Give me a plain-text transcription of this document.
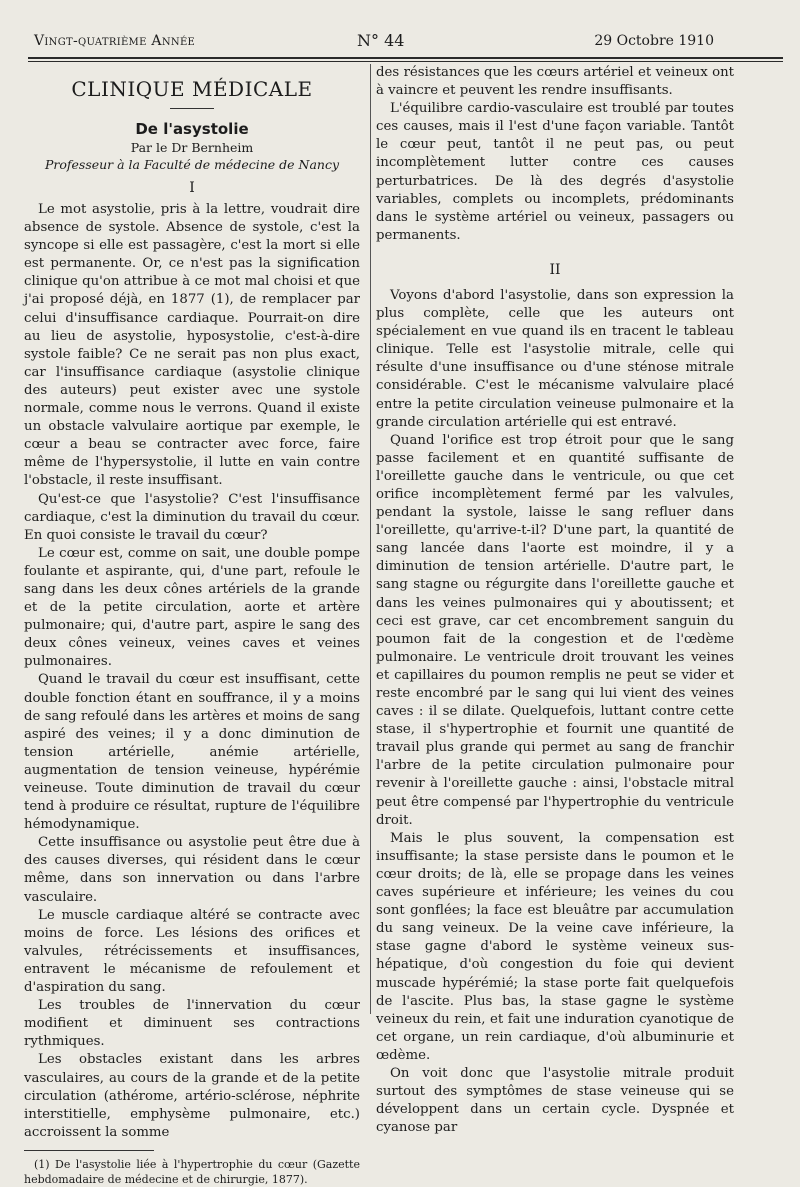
Vingt-quatrième Année	N° 44	29 Octobre 1910
CLINIQUE MÉDICALE
De l'asystolie
Par le Dr Bernheim
Professeur à la Faculté de médecine de Nancy
I

Le mot asystolie, pris à la lettre, voudrait dire absence de systole. Absence de systole, c'est la syncope si elle est passagère, c'est la mort si elle est permanente. Or, ce n'est pas la signification clinique qu'on attribue à ce mot mal choisi et que j'ai proposé déjà, en 1877 (1), de remplacer par celui d'insuffisance cardiaque. Pourrait-on dire au lieu de asystolie, hyposystolie, c'est-à-dire systole faible? Ce ne serait pas non plus exact, car l'insuffisance cardiaque (asystolie clinique des auteurs) peut exister avec une systole normale, comme nous le verrons. Quand il existe un obstacle valvulaire aortique par exemple, le cœur a beau se contracter avec force, faire même de l'hypersystolie, il lutte en vain contre l'obstacle, il reste insuffisant.

Qu'est-ce que l'asystolie? C'est l'insuffisance cardiaque, c'est la diminution du travail du cœur. En quoi consiste le travail du cœur?

Le cœur est, comme on sait, une double pompe foulante et aspirante, qui, d'une part, refoule le sang dans les deux cônes artériels de la grande et de la petite circulation, aorte et artère pulmonaire; qui, d'autre part, aspire le sang des deux cônes veineux, veines caves et veines pulmonaires.

Quand le travail du cœur est insuffisant, cette double fonction étant en souffrance, il y a moins de sang refoulé dans les artères et moins de sang aspiré des veines; il y a donc diminution de tension artérielle, anémie artérielle, augmentation de tension veineuse, hypérémie veineuse. Toute diminution de travail du cœur tend à produire ce résultat, rupture de l'équilibre hémodynamique.

Cette insuffisance ou asystolie peut être due à des causes diverses, qui résident dans le cœur même, dans son innervation ou dans l'arbre vasculaire.

Le muscle cardiaque altéré se contracte avec moins de force. Les lésions des orifices et valvules, rétrécissements et insuffisances, entravent le mécanisme de refoulement et d'aspiration du sang.

Les troubles de l'innervation du cœur modifient et diminuent ses contractions rythmiques.

Les obstacles existant dans les arbres vasculaires, au cours de la grande et de la petite circulation (athérome, artério-sclérose, néphrite interstitielle, emphysème pulmonaire, etc.) accroissent la somme

(1) De l'asystolie liée à l'hypertrophie du cœur (Gazette hebdomadaire de médecine et de chirurgie, 1877).

des résistances que les cœurs artériel et veineux ont à vaincre et peuvent les rendre insuffisants.

L'équilibre cardio-vasculaire est troublé par toutes ces causes, mais il l'est d'une façon variable. Tantôt le cœur peut, tantôt il ne peut pas, ou peut incomplètement lutter contre ces causes perturbatrices. De là des degrés d'asystolie variables, complets ou incomplets, prédominants dans le système artériel ou veineux, passagers ou permanents.

II

Voyons d'abord l'asystolie, dans son expression la plus complète, celle que les auteurs ont spécialement en vue quand ils en tracent le tableau clinique. Telle est l'asystolie mitrale, celle qui résulte d'une insuffisance ou d'une sténose mitrale considérable. C'est le mécanisme valvulaire placé entre la petite circulation veineuse pulmonaire et la grande circulation artérielle qui est entravé.

Quand l'orifice est trop étroit pour que le sang passe facilement et en quantité suffisante de l'oreillette gauche dans le ventricule, ou que cet orifice incomplètement fermé par les valvules, pendant la systole, laisse le sang refluer dans l'oreillette, qu'arrive-t-il? D'une part, la quantité de sang lancée dans l'aorte est moindre, il y a diminution de tension artérielle. D'autre part, le sang stagne ou régurgite dans l'oreillette gauche et dans les veines pulmonaires qui y aboutissent; et ceci est grave, car cet encombrement sanguin du poumon fait de la congestion et de l'œdème pulmonaire. Le ventricule droit trouvant les veines et capillaires du poumon remplis ne peut se vider et reste encombré par le sang qui lui vient des veines caves : il se dilate. Quelquefois, luttant contre cette stase, il s'hypertrophie et fournit une quantité de travail plus grande qui permet au sang de franchir l'arbre de la petite circulation pulmonaire pour revenir à l'oreillette gauche : ainsi, l'obstacle mitral peut être compensé par l'hypertrophie du ventricule droit.

Mais le plus souvent, la compensation est insuffisante; la stase persiste dans le poumon et le cœur droits; de là, elle se propage dans les veines caves supérieure et inférieure; les veines du cou sont gonflées; la face est bleuâtre par accumulation du sang veineux. De la veine cave inférieure, la stase gagne d'abord le système veineux sus-hépatique, d'où congestion du foie qui devient muscade hypérémié; la stase porte fait quelquefois de l'ascite. Plus bas, la stase gagne le système veineux du rein, et fait une induration cyanotique de cet organe, un rein cardiaque, d'où albuminurie et œdème.

On voit donc que l'asystolie mitrale produit surtout des symptômes de stase veineuse qui se développent dans un certain cycle. Dyspnée et cyanose par
